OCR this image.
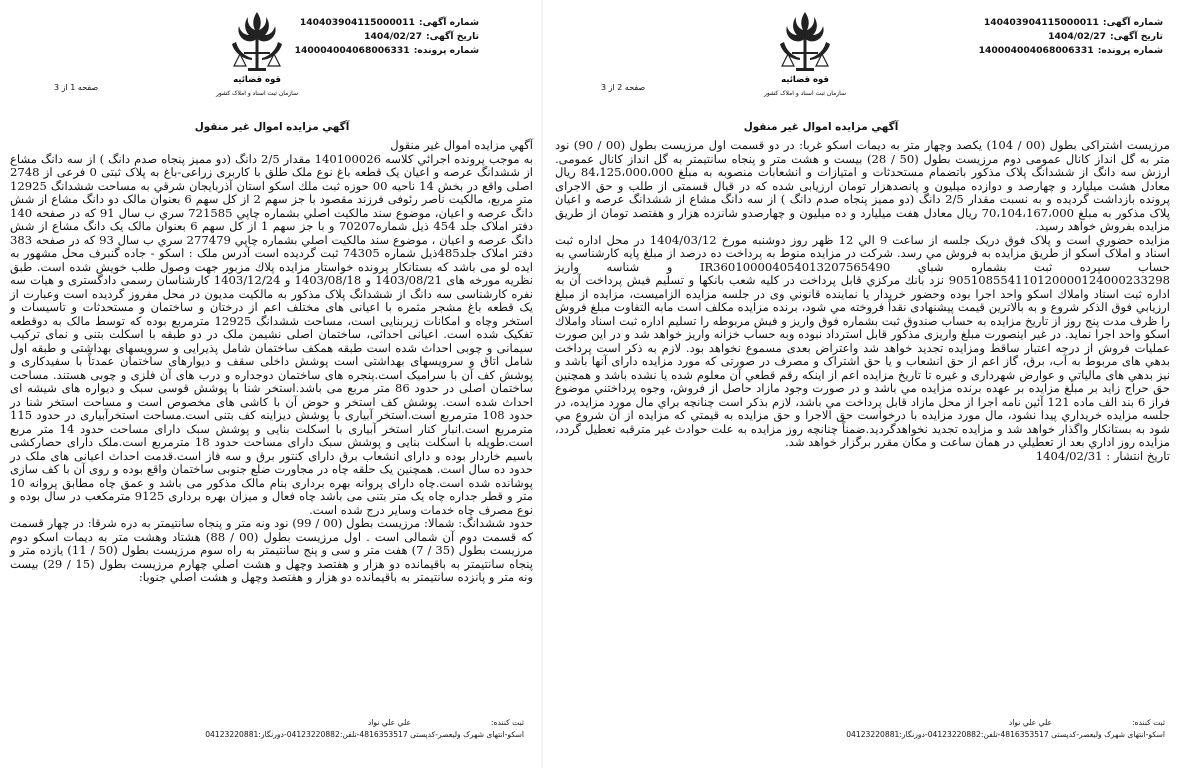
شماره آگهی:140403904115000011
تاریخ آگهی:1404/02/27
شماره پرونده:140004004068006331
صفحه 1 از 3
قوه قضائیه
سازمان ثبت اسناد و املاک کشور
آگهي مزايده اموال غير منقول

آگهي مزايده اموال غير منقول

به موجب پرونده اجرائي كلاسه 140100026 مقدار 2/5 دانگ (دو مميز پنجاه صدم دانگ ) از سه دانگ مشاع از ششدانگ عرصه و اعيان يک قطعه باغ نوع ملک طلق با کاربری زراعی-باغ به پلاک ثبتی 0 فرعی از 2748 اصلی واقع در بخش 14 ناحيه 00 حوزه ثبت ملك اسکو استان آذربايجان شرقي به مساحت ششدانگ 12925 متر مربع، مالکیت ناصر رئوفی فرزند مقصود با جز سهم 2 از کل سهم 6 بعنوان مالک دو دانگ مشاع از شش دانگ عرصه و اعيان، موضوع سند مالكيت اصلي بشماره چاپي 721585 سري ب سال 91 که در صفحه 140 دفتر املاک جلد 454 ذیل شماره70207 و با جز سهم 1 از کل سهم 6 بعنوان مالک یک دانگ مشاع از شش دانگ عرصه و اعيان ، موضوع سند مالكيت اصلي بشماره چاپي 277479 سري ب سال 93 که در صفحه 383 دفتر املاک جلد485ذیل شماره 74305 ثبت گرديده است آدرس ملک : اسکو - جاده گنبرف محل مشهور به ایده لو می باشد که بستانكار پرونده خواستار مزايده پلاك مزبور جهت وصول طلب خويش شده است. طبق نظريه مورخه های 1403/08/21 و 1403/08/18 و 1403/12/24 کارشناسان رسمی دادگستری و هیات سه نفره کارشناسی سه دانگ از ششدانگ پلاک مذکور به مالکیت مدیون در محل مفروز گردیده است وعبارت از یک قطعه باغ مشجر مثمره با اعیانی های مختلف اعم از درختان و ساختمان و مستحدثات و تاسیسات و استخر وچاه و امکانات زیربنایی است، مساحت ششدانگ 12925 مترمربع بوده که توسط مالک به دوقطعه تفکیک شده است. اعیانی احداثی، ساختمان اصلی نشیمن ملک در دو طبقه با اسکلت بتنی و نمای ترکیب سیمانی و چوبی احداث شده است طبقه همکف ساختمان شامل پذیرایی و سرویسهای بهداشتی و طبقه اول شامل اتاق و سرویسهای بهداشتی است پوشش داخلی سقف و دیوارهای ساختمان عمدتاً با سفیدکاری و پوشش کف آن با سرامیک است.پنجره های ساختمان دوجداره و درب های آن فلزی و چوبی هستند. مساحت ساختمان اصلی در حدود 86 متر مربع می باشد.استخر شنا با پوشش قوسی سبک و دیواره های شیشه ای احداث شده است. پوشش کف استخر و حوض آن با کاشی های مخصوص است و مساحت استخر شنا در حدود 108 مترمربع است.استخر آبیاری با پوشش دیزاینه کف بتنی است.مساحت استخرآبیاری در حدود 115 مترمربع است.انبار کنار استخر آبیاری با اسکلت بنایی و پوشش سبک دارای مساحت حدود 14 متر مربع است.طویله با اسکلت بنایی و پوشش سبک دارای مساحت حدود 18 مترمربع است.ملک دارای حصارکشی باسیم خاردار بوده و دارای انشعاب برق دارای کنتور برق و سه فاز است.قدمت احداث اعیانی های ملک در حدود ده سال است. همچنین یک حلقه چاه در مجاورت ضلع جنوبی ساختمان واقع بوده و روی آن با کف سازی پوشانده شده است.چاه دارای پروانه بهره برداری بنام مالک مذکور می باشد و عمق چاه مطابق پروانه 10 متر و قطر جداره چاه یک متر بتنی می باشد چاه فعال و میزان بهره برداری 9125 مترمکعب در سال بوده و نوع مصرف چاه خدمات وسایر درج شده است.

حدود ششدانگ: شمالا: مرزيست بطول (00 / 99) نود ونه متر و پنجاه سانتیمتر به دره شرقا: در چهار قسمت که قسمت دوم آن شمالی است . اول مرزیست بطول (00 / 88) هشتاد وهشت متر به دیمات اسکو دوم مرزیست بطول (35 / 7) هفت متر و سی و پنج سانتیمتر به راه سوم مرزیست بطول (50 / 11) یازده متر و پنجاه سانتیمتر به باقیمانده دو هزار و هفتصد وچهل و هشت اصلي چهارم مرزیست بطول (15 / 29) بيست ونه متر و پانزده سانتیمتر به باقيمانده دو هزار و هفتصد وچهل و هشت اصلي جنوبا:

ثبت کننده:
علي علي نواد
اسکو-انتهای شهرک ولیعصر-کدپستی 4816353517-تلفن:04123220882-دورنگار:04123220881
شماره آگهی:140403904115000011
تاریخ آگهی:1404/02/27
شماره پرونده:140004004068006331
صفحه 2 از 3
قوه قضائیه
سازمان ثبت اسناد و املاک کشور
آگهي مزايده اموال غير منقول

مرزیست اشتراکی بطول (00 / 104) یکصد وچهار متر به دیمات اسکو غربا: در دو قسمت اول مرزیست بطول (00 / 90) نود متر به گل انداز کانال عمومی دوم مرزیست بطول (50 / 28) بیست و هشت متر و پنجاه سانتیمتر به گل انداز کانال عمومی. ارزش سه دانگ از ششدانگ پلاک مذکور باتضمام مستحدثات و امتیازات و انشعابات منصوبه به مبلغ 84،125،000،000 ريال معادل هشت ميليارد و چهارصد و دوازده ميليون و پانصدهزار تومان ارزیابی شده که در قبال قسمتی از طلب و حق الاجرای پرونده بازداشت گرديده و به نسبت مقدار 2/5 دانگ (دو مميز پنجاه صدم دانگ ) از سه دانگ مشاع از ششدانگ عرصه و اعيان پلاک مذکور به مبلغ 70،104،167،000 ريال معادل هفت ميليارد و ده ميليون و چهارصدو شانزده هزار و هفتصد تومان از طريق مزايده بفروش خواهد رسيد.

مزايده حضوري است و پلاک فوق دريک جلسه از ساعت 9 الي 12 ظهر روز دوشنبه مورخ 1404/03/12 در محل اداره ثبت اسناد و املاک اسکو از طريق مزايده به فروش مي رسد. شرکت در مزايده منوط به پرداخت ده درصد از مبلغ پايه کارشناسي به حساب سپرده ثبت بشماره شباي IR360100004054013207565490 و شناسه واريز 905108554110120000124000233298 نزد بانك مركزي قابل پرداخت در كليه شعب بانکها و تسليم فيش پرداخت آن به اداره ثبت اسناد واملاك اسکو واحد اجرا بوده وحضور خريدار يا نماينده قانوني وی در جلسه مزايده الزاميست، مزايده از مبلغ ارزيابي فوق الذكر شروع و به بالاترين قيمت پيشنهادی نقداً فروخته مي شود، برنده مزايده مكلف است مابه التفاوت مبلغ فروش را ظرف مدت پنج روز از تاريخ مزايده به حساب صندوق ثبت بشماره فوق واريز و فيش مربوطه را تسليم اداره ثبت اسناد واملاك اسکو واحد اجرا نمايد. در غير اينصورت مبلغ واريزی مذكور قابل استرداد نبوده وبه حساب خزانه واريز خواهد شد و در اين صورت عمليات فروش از درجه اعتبار ساقط ومزايده تجديد خواهد شد واعتراض بعدی مسموع نخواهد بود. لازم به ذكر است پرداخت بدهي های مربوط به آب، برق، گاز اعم از حق انشعاب و يا حق اشتراک و مصرف در صورتی که مورد مزايده دارای آنها باشد و نيز بدهي های مالياتي و عوارض شهرداری و غيره تا تاريخ مزايده اعم از اينكه رقم قطعي آن معلوم شده يا نشده باشد و همچنين حق حراج زايد بر مبلغ مزايده بر عهده برنده مزايده مي باشد و در صورت وجود مازاد حاصل از فروش، وجوه پرداختني موضوع فراز 6 بند الف ماده 121 آئين نامه اجرا از محل مازاد قابل پرداخت مي باشد، لازم بذكر است چنانچه براي مال مورد مزايده، در جلسه مزايده خريداري پيدا نشود، مال مورد مزايده با درخواست حق الاجرا و حق مزايده به قيمتي كه مزايده از آن شروع مي شود به بستانكار واگذار خواهد شد و مزايده تجديد نخواهدگرديد.ضمناً چنانچه روز مزايده به علت حوادث غير مترقبه تعطيل گردد، مزايده روز اداري بعد از تعطيلي در همان ساعت و مكان مقرر برگزار خواهد شد.

تاريخ انتشار : 1404/02/31

ثبت کننده:
علي علي نواد
اسکو-انتهای شهرک ولیعصر-کدپستی 4816353517-تلفن:04123220882-دورنگار:04123220881
